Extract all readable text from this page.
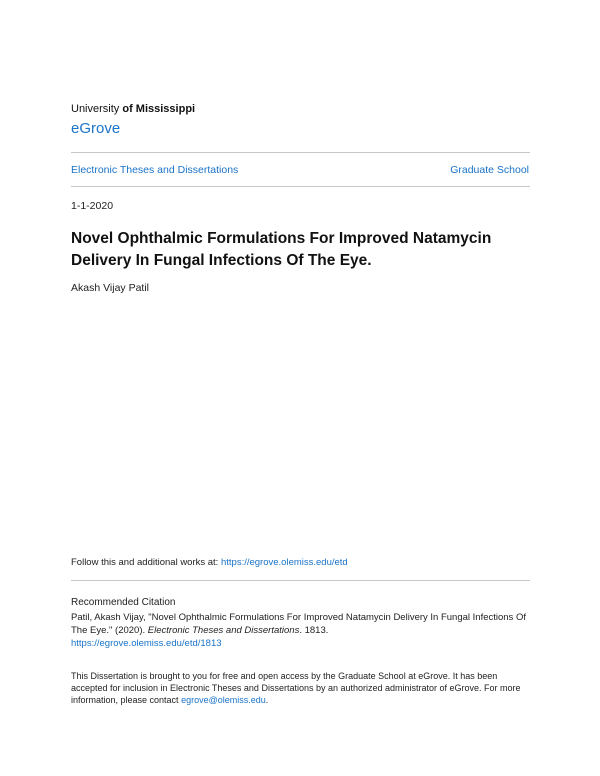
University of Mississippi
eGrove
Electronic Theses and Dissertations	Graduate School
1-1-2020
Novel Ophthalmic Formulations For Improved Natamycin Delivery In Fungal Infections Of The Eye.
Akash Vijay Patil
Follow this and additional works at: https://egrove.olemiss.edu/etd
Recommended Citation
Patil, Akash Vijay, "Novel Ophthalmic Formulations For Improved Natamycin Delivery In Fungal Infections Of The Eye." (2020). Electronic Theses and Dissertations. 1813.
https://egrove.olemiss.edu/etd/1813
This Dissertation is brought to you for free and open access by the Graduate School at eGrove. It has been accepted for inclusion in Electronic Theses and Dissertations by an authorized administrator of eGrove. For more information, please contact egrove@olemiss.edu.
